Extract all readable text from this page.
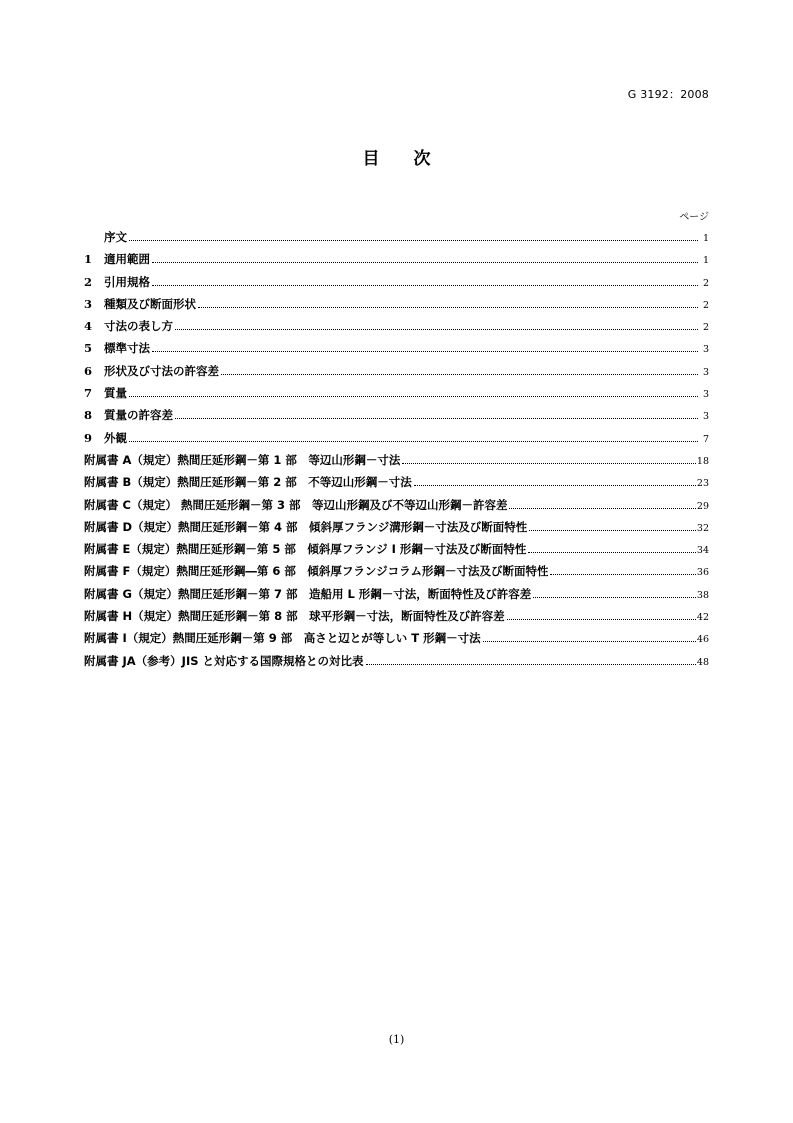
G 3192：2008
目 次
ページ
序文	1
1	適用範囲	1
2	引用規格	2
3	種類及び断面形状	2
4	寸法の表し方	2
5	標準寸法	3
6	形状及び寸法の許容差	3
7	質量	3
8	質量の許容差	3
9	外観	7
附属書 A（規定）熱間圧延形鋼－第 1 部　等辺山形鋼－寸法	18
附属書 B（規定）熱間圧延形鋼－第 2 部　不等辺山形鋼－寸法	23
附属書 C（規定） 熱間圧延形鋼－第 3 部　等辺山形鋼及び不等辺山形鋼－許容差	29
附属書 D（規定）熱間圧延形鋼－第 4 部　傾斜厚フランジ溝形鋼－寸法及び断面特性	32
附属書 E（規定）熱間圧延形鋼－第 5 部　傾斜厚フランジ I 形鋼－寸法及び断面特性	34
附属書 F（規定）熱間圧延形鋼―第 6 部　傾斜厚フランジコラム形鋼－寸法及び断面特性	36
附属書 G（規定）熱間圧延形鋼－第 7 部　造船用 L 形鋼－寸法，断面特性及び許容差	38
附属書 H（規定）熱間圧延形鋼－第 8 部　球平形鋼－寸法，断面特性及び許容差	42
附属書 I（規定）熱間圧延形鋼－第 9 部　高さと辺とが等しい T 形鋼－寸法	46
附属書 JA（参考）JIS と対応する国際規格との対比表	48
(1)
